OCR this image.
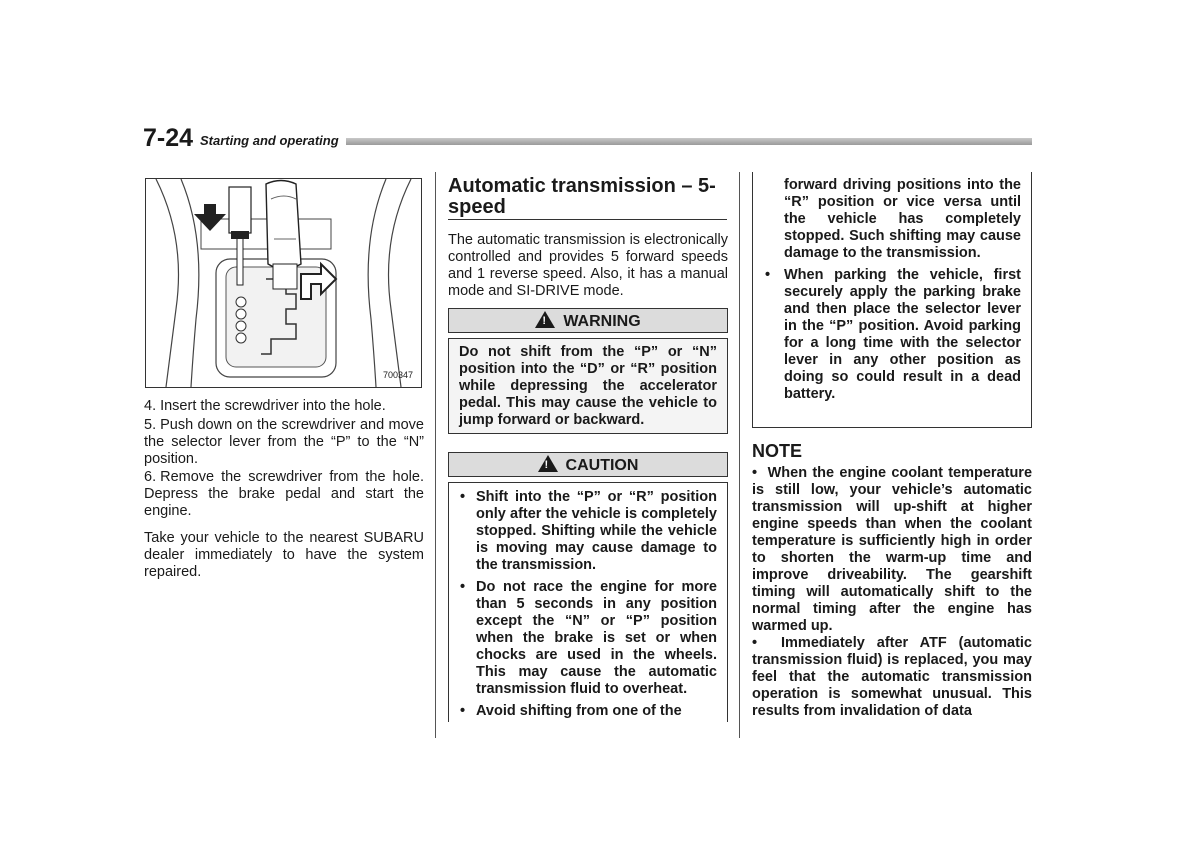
7-24 Starting and operating
700347
4. Insert the screwdriver into the hole.
5. Push down on the screwdriver and move the selector lever from the “P” to the “N” position.
6. Remove the screwdriver from the hole. Depress the brake pedal and start the engine.
Take your vehicle to the nearest SUBARU dealer immediately to have the system repaired.
Automatic transmission – 5-speed
The automatic transmission is electronically controlled and provides 5 forward speeds and 1 reverse speed. Also, it has a manual mode and SI-DRIVE mode.
!WARNING
Do not shift from the “P” or “N” position into the “D” or “R” position while depressing the accelerator pedal. This may cause the vehicle to jump forward or backward.
!CAUTION
• Shift into the “P” or “R” position only after the vehicle is completely stopped. Shifting while the vehicle is moving may cause damage to the transmission.
• Do not race the engine for more than 5 seconds in any position except the “N” or “P” position when the brake is set or when chocks are used in the wheels. This may cause the automatic transmission fluid to overheat.
• Avoid shifting from one of the
forward driving positions into the “R” position or vice versa until the vehicle has completely stopped. Such shifting may cause damage to the transmission.
• When parking the vehicle, first securely apply the parking brake and then place the selector lever in the “P” position. Avoid parking for a long time with the selector lever in any other position as doing so could result in a dead battery.
NOTE

•  When the engine coolant temperature is still low, your vehicle’s automatic transmission will up-shift at higher engine speeds than when the coolant temperature is sufficiently high in order to shorten the warm-up time and improve driveability. The gearshift timing will automatically shift to the normal timing after the engine has warmed up.

•  Immediately after ATF (automatic transmission fluid) is replaced, you may feel that the automatic transmission operation is somewhat unusual. This results from invalidation of data
